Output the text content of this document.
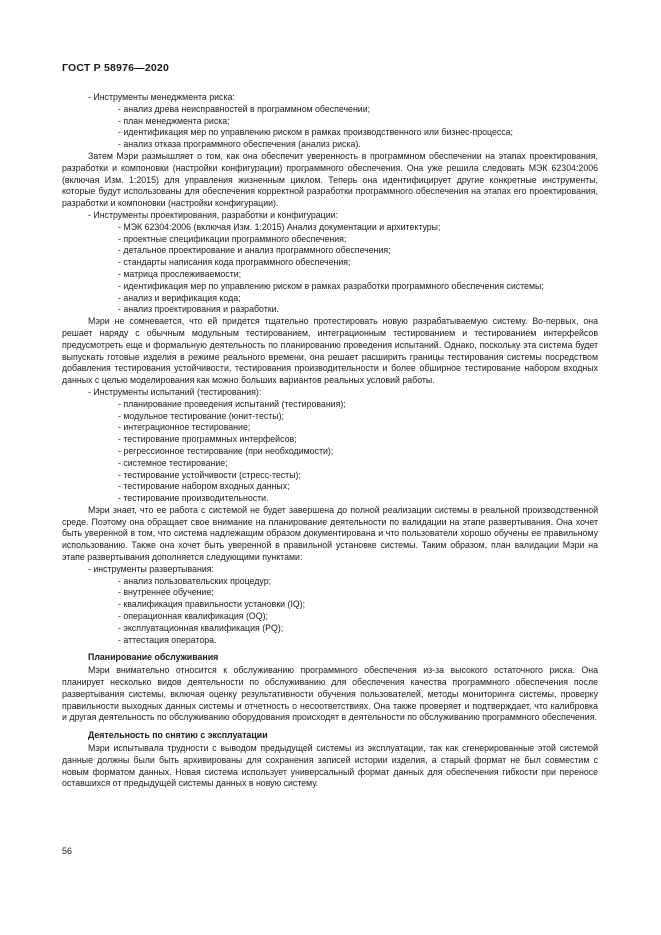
ГОСТ Р 58976—2020
- Инструменты менеджмента риска:
- анализ древа неисправностей в программном обеспечении;
- план менеджмента риска;
- идентификация мер по управлению риском в рамках производственного или бизнес-процесса;
- анализ отказа программного обеспечения (анализ риска).

Затем Мэри размышляет о том, как она обеспечит уверенность в программном обеспечении на этапах проектирования, разработки и компоновки (настройки конфигурации) программного обеспечения. Она уже решила следовать МЭК 62304:2006 (включая Изм. 1:2015) для управления жизненным циклом. Теперь она идентифицирует другие конкретные инструменты, которые будут использованы для обеспечения корректной разработки программного обеспечения на этапах его проектирования, разработки и компоновки (настройки конфигурации).

- Инструменты проектирования, разработки и конфигурации:
- МЭК 62304:2006 (включая Изм. 1:2015) Анализ документации и архитектуры;
- проектные спецификации программного обеспечения;
- детальное проектирование и анализ программного обеспечения;
- стандарты написания кода программного обеспечения;
- матрица прослеживаемости;
- идентификация мер по управлению риском в рамках разработки программного обеспечения системы;
- анализ и верификация кода;
- анализ проектирования и разработки.

Мэри не сомневается, что ей придется тщательно протестировать новую разрабатываемую систему. Во-первых, она решает наряду с обычным модульным тестированием, интеграционным тестированием и тестированием интерфейсов предусмотреть еще и формальную деятельность по планированию проведения испытаний. Однако, поскольку эта система будет выпускать готовые изделия в режиме реального времени, она решает расширить границы тестирования системы посредством добавления тестирования устойчивости, тестирования производительности и более обширное тестирование набором входных данных с целью моделирования как можно больших вариантов реальных условий работы.

- Инструменты испытаний (тестирования):
- планирование проведения испытаний (тестирования);
- модульное тестирование (юнит-тесты);
- интеграционное тестирование;
- тестирование программных интерфейсов;
- регрессионное тестирование (при необходимости);
- системное тестирование;
- тестирование устойчивости (стресс-тесты);
- тестирование набором входных данных;
- тестирование производительности.

Мэри знает, что ее работа с системой не будет завершена до полной реализации системы в реальной производственной среде. Поэтому она обращает свое внимание на планирование деятельности по валидации на этапе развертывания. Она хочет быть уверенной в том, что система надлежащим образом документирована и что пользователи хорошо обучены ее правильному использованию. Также она хочет быть уверенной в правильной установке системы. Таким образом, план валидации Мэри на этапе развертывания дополняется следующими пунктами:

- инструменты развертывания:
- анализ пользовательских процедур;
- внутреннее обучение;
- квалификация правильности установки (IQ);
- операционная квалификация (OQ);
- эксплуатационная квалификация (PQ);
- аттестация оператора.
Планирование обслуживания

Мэри внимательно относится к обслуживанию программного обеспечения из-за высокого остаточного риска. Она планирует несколько видов деятельности по обслуживанию для обеспечения качества программного обеспечения после развертывания системы, включая оценку результативности обучения пользователей, методы мониторинга системы, проверку правильности выходных данных системы и отчетность о несоответствиях. Она также проверяет и подтверждает, что калибровка и другая деятельность по обслуживанию оборудования происходят в деятельности по обслуживанию программного обеспечения.

Деятельность по снятию с эксплуатации

Мэри испытывала трудности с выводом предыдущей системы из эксплуатации, так как сгенерированные этой системой данные должны были быть архивированы для сохранения записей истории изделия, а старый формат не был совместим с новым форматом данных. Новая система использует универсальный формат данных для обеспечения гибкости при переносе оставшихся от предыдущей системы данных в новую систему.

56
